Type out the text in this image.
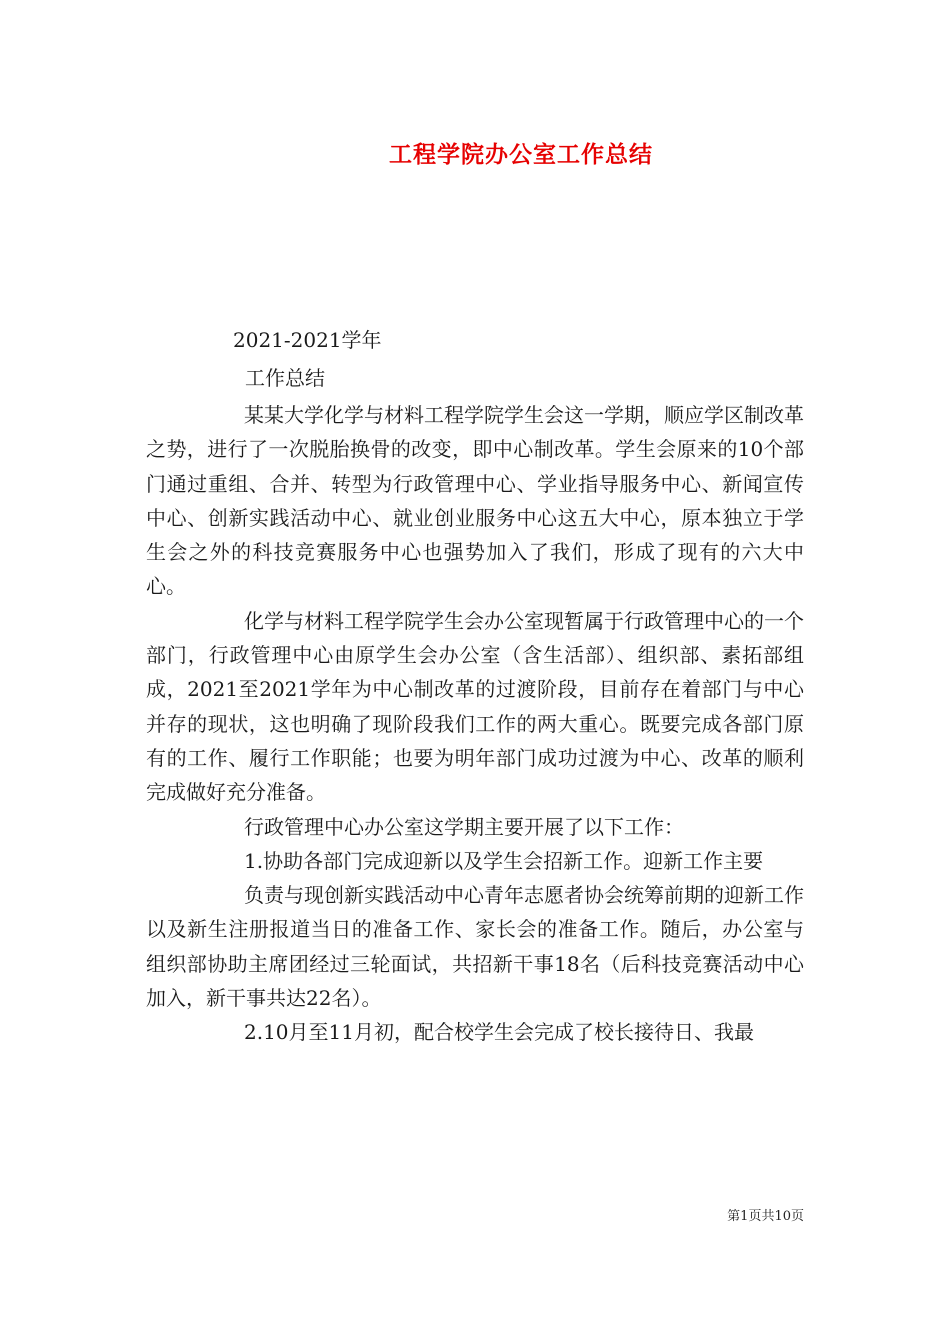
工程学院办公室工作总结
2021-2021学年
工作总结

某某大学化学与材料工程学院学生会这一学期，顺应学区制改革之势，进行了一次脱胎换骨的改变，即中心制改革。学生会原来的10个部门通过重组、合并、转型为行政管理中心、学业指导服务中心、新闻宣传中心、创新实践活动中心、就业创业服务中心这五大中心，原本独立于学生会之外的科技竞赛服务中心也强势加入了我们，形成了现有的六大中心。

化学与材料工程学院学生会办公室现暂属于行政管理中心的一个部门，行政管理中心由原学生会办公室（含生活部）、组织部、素拓部组成，2021至2021学年为中心制改革的过渡阶段，目前存在着部门与中心并存的现状，这也明确了现阶段我们工作的两大重心。既要完成各部门原有的工作、履行工作职能；也要为明年部门成功过渡为中心、改革的顺利完成做好充分准备。

行政管理中心办公室这学期主要开展了以下工作：

1.协助各部门完成迎新以及学生会招新工作。迎新工作主要

负责与现创新实践活动中心青年志愿者协会统筹前期的迎新工作以及新生注册报道当日的准备工作、家长会的准备工作。随后，办公室与组织部协助主席团经过三轮面试，共招新干事18名（后科技竞赛活动中心加入，新干事共达22名）。

2.10月至11月初，配合校学生会完成了校长接待日、我最

第1页共10页
